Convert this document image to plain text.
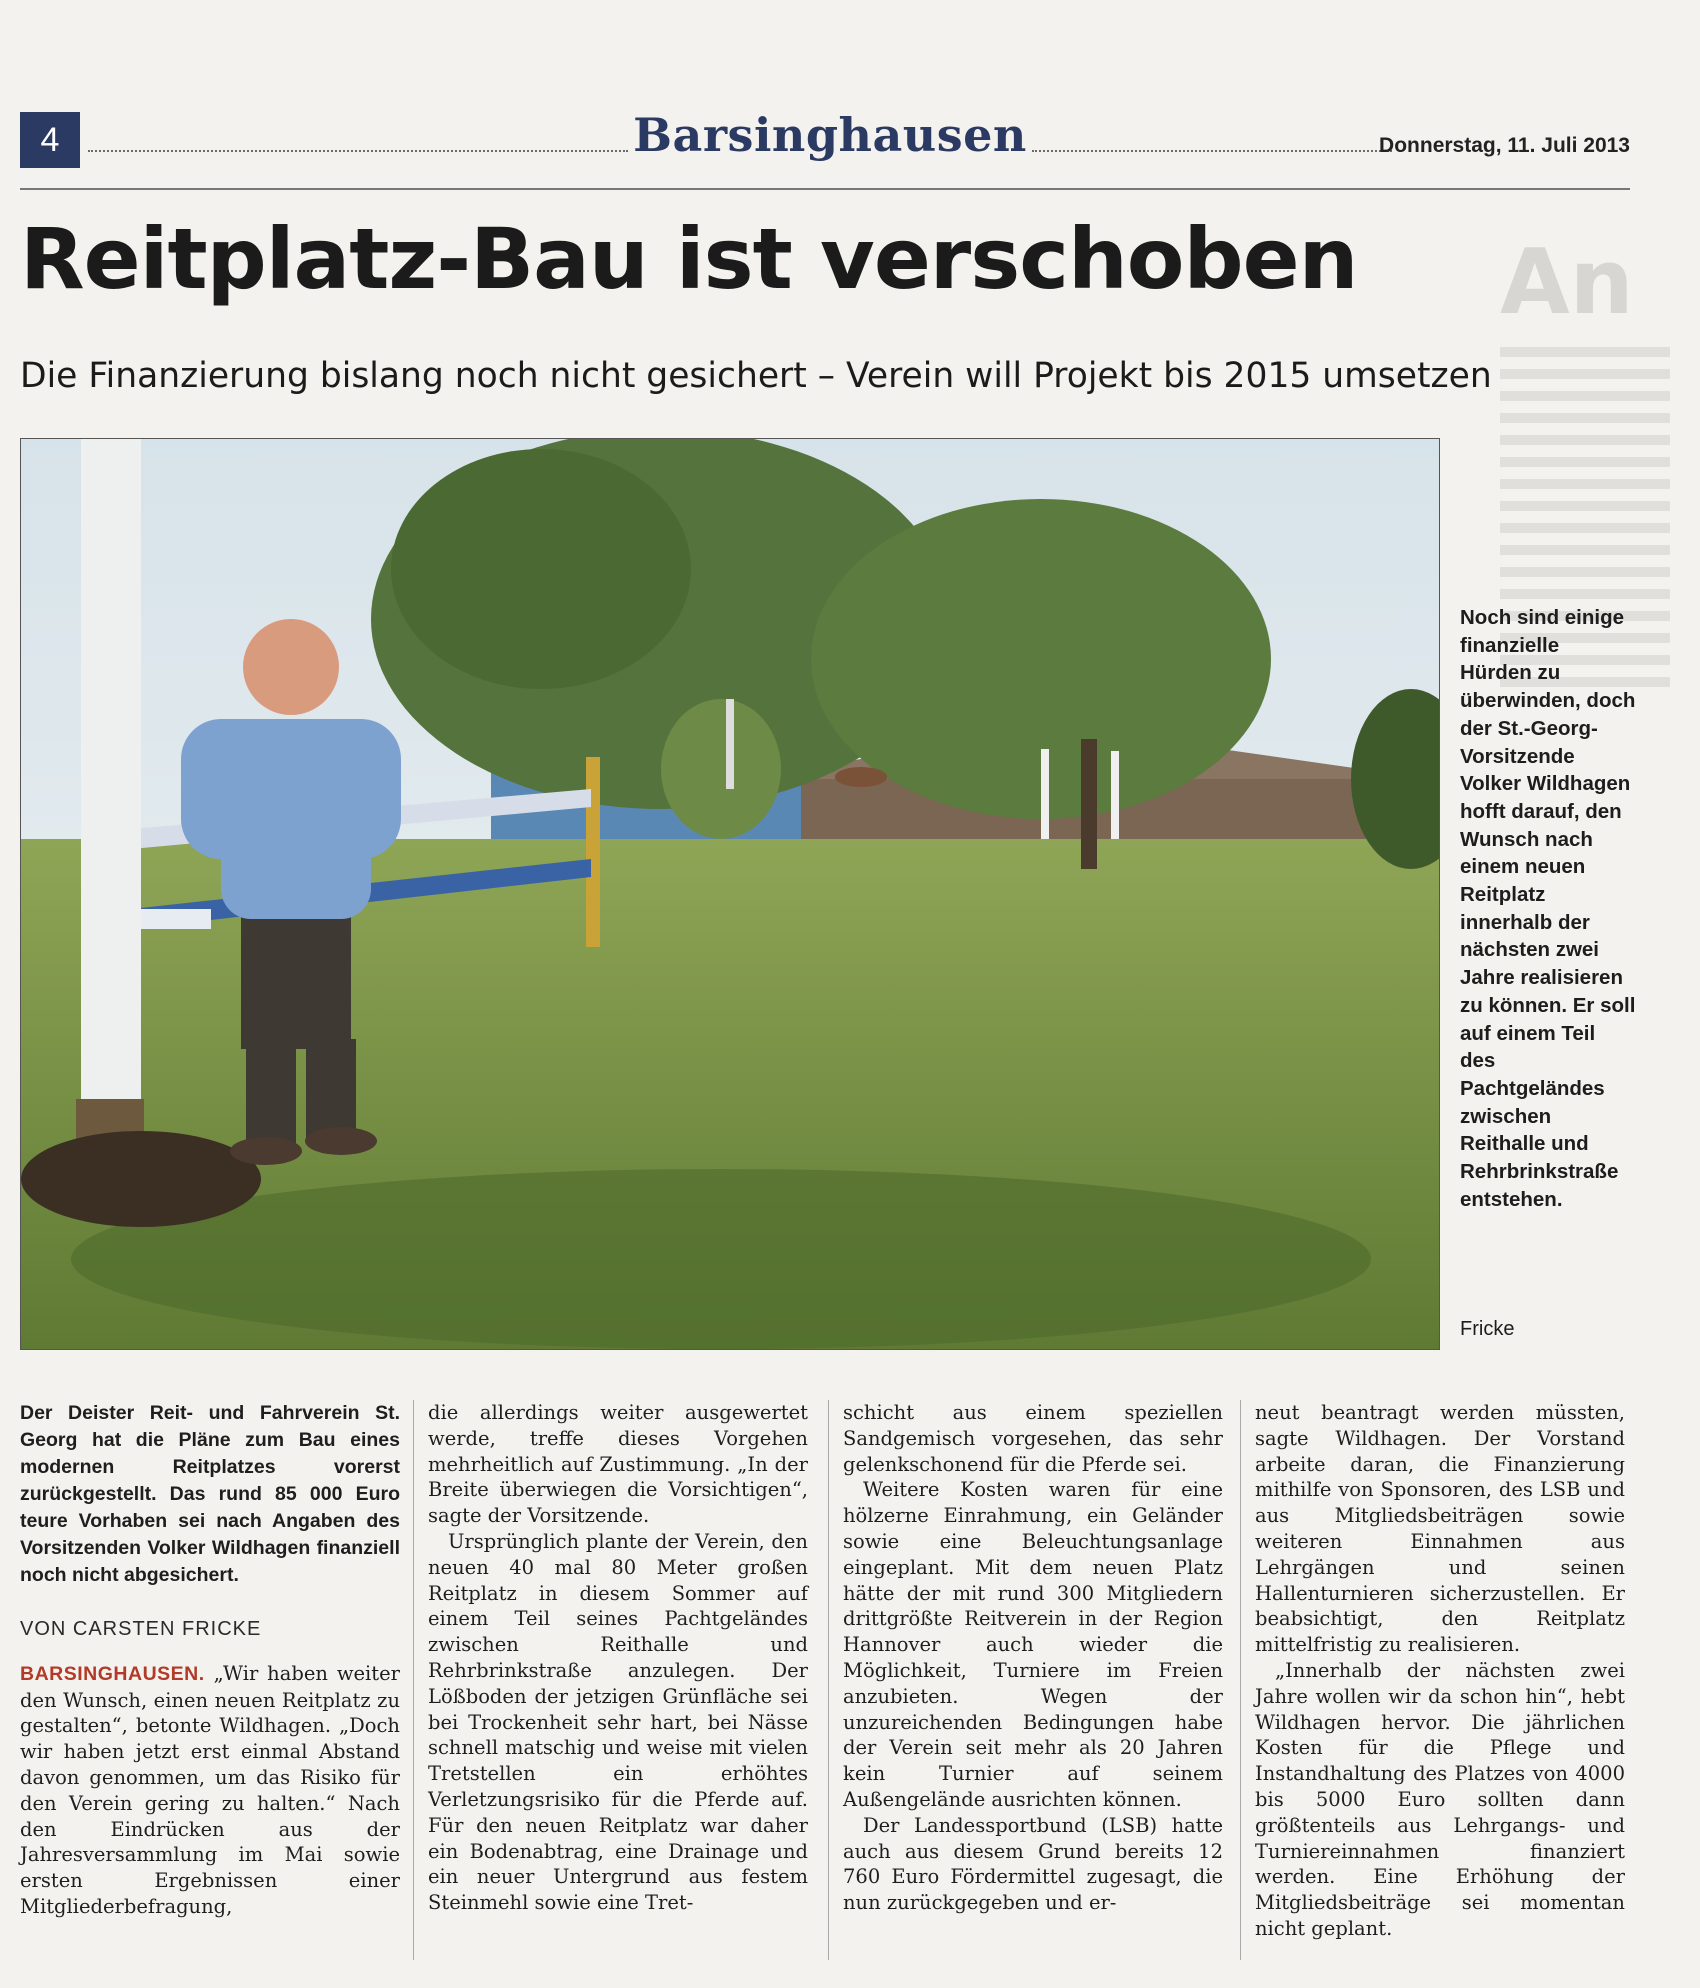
4	Barsinghausen	Donnerstag, 11. Juli 2013
An
Reitplatz-Bau ist verschoben
Die Finanzierung bislang noch nicht gesichert – Verein will Projekt bis 2015 umsetzen
Noch sind einige finanzielle Hürden zu überwinden, doch der St.-Georg-Vorsitzende Volker Wildhagen hofft darauf, den Wunsch nach einem neuen Reitplatz innerhalb der nächsten zwei Jahre realisieren zu können. Er soll auf einem Teil des Pachtgeländes zwischen Reithalle und Rehrbrinkstraße entstehen.
Fricke

Der Deister Reit- und Fahrverein St. Georg hat die Pläne zum Bau eines modernen Reitplatzes vorerst zurückgestellt. Das rund 85 000 Euro teure Vorhaben sei nach Angaben des Vorsitzenden Volker Wildhagen finanziell noch nicht abgesichert.

VON CARSTEN FRICKE

BARSINGHAUSEN. „Wir haben weiter den Wunsch, einen neuen Reitplatz zu gestalten“, betonte Wildhagen. „Doch wir haben jetzt erst einmal Abstand davon genommen, um das Risiko für den Verein gering zu halten.“ Nach den Eindrücken aus der Jahresversammlung im Mai sowie ersten Ergebnissen einer Mitgliederbefragung,

die allerdings weiter ausgewertet werde, treffe dieses Vorgehen mehrheitlich auf Zustimmung. „In der Breite überwiegen die Vorsichtigen“, sagte der Vorsitzende.

Ursprünglich plante der Verein, den neuen 40 mal 80 Meter großen Reitplatz in diesem Sommer auf einem Teil seines Pachtgeländes zwischen Reithalle und Rehrbrinkstraße anzulegen. Der Lößboden der jetzigen Grünfläche sei bei Trockenheit sehr hart, bei Nässe schnell matschig und weise mit vielen Tretstellen ein erhöhtes Verletzungsrisiko für die Pferde auf. Für den neuen Reitplatz war daher ein Bodenabtrag, eine Drainage und ein neuer Untergrund aus festem Steinmehl sowie eine Tret-

schicht aus einem speziellen Sandgemisch vorgesehen, das sehr gelenkschonend für die Pferde sei.

Weitere Kosten waren für eine hölzerne Einrahmung, ein Geländer sowie eine Beleuchtungsanlage eingeplant. Mit dem neuen Platz hätte der mit rund 300 Mitgliedern drittgrößte Reitverein in der Region Hannover auch wieder die Möglichkeit, Turniere im Freien anzubieten. Wegen der unzureichenden Bedingungen habe der Verein seit mehr als 20 Jahren kein Turnier auf seinem Außengelände ausrichten können.

Der Landessportbund (LSB) hatte auch aus diesem Grund bereits 12 760 Euro Fördermittel zugesagt, die nun zurückgegeben und er-

neut beantragt werden müssten, sagte Wildhagen. Der Vorstand arbeite daran, die Finanzierung mithilfe von Sponsoren, des LSB und aus Mitgliedsbeiträgen sowie weiteren Einnahmen aus Lehrgängen und seinen Hallenturnieren sicherzustellen. Er beabsichtigt, den Reitplatz mittelfristig zu realisieren.

„Innerhalb der nächsten zwei Jahre wollen wir da schon hin“, hebt Wildhagen hervor. Die jährlichen Kosten für die Pflege und Instandhaltung des Platzes von 4000 bis 5000 Euro sollten dann größtenteils aus Lehrgangs- und Turniereinnahmen finanziert werden. Eine Erhöhung der Mitgliedsbeiträge sei momentan nicht geplant.
